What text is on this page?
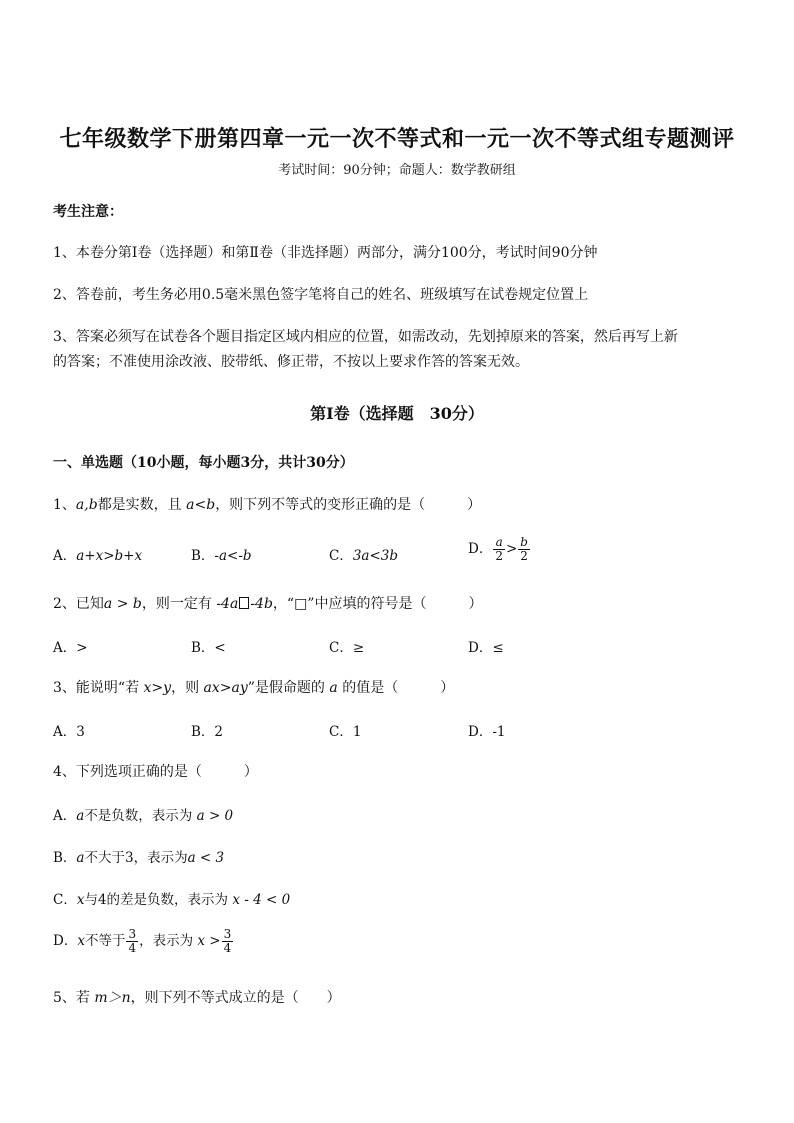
七年级数学下册第四章一元一次不等式和一元一次不等式组专题测评
考试时间：90分钟；命题人：数学教研组
考生注意：
1、本卷分第Ⅰ卷（选择题）和第Ⅱ卷（非选择题）两部分，满分100分，考试时间90分钟
2、答卷前，考生务必用0.5毫米黑色签字笔将自己的姓名、班级填写在试卷规定位置上
3、答案必须写在试卷各个题目指定区域内相应的位置，如需改动，先划掉原来的答案，然后再写上新
的答案；不准使用涂改液、胶带纸、修正带，不按以上要求作答的答案无效。
第Ⅰ卷（选择题　30分）
一、单选题（10小题，每小题3分，共计30分）
1、a,b都是实数，且 a<b，则下列不等式的变形正确的是（　　　）
A．a+x>b+x	B．-a<-b	C．3a<3b	D． $\frac{a}{2} > \frac{b}{2}$
2、已知a > b，则一定有 -4a -4b，“□”中应填的符号是（　　　）
A．>	B．<	C．≥	D．≤
3、能说明“若 x>y，则 ax>ay”是假命题的 a 的值是（　　　）
A．3	B．2	C．1	D．-1
4、下列选项正确的是（　　　）
A．a不是负数，表示为 a > 0
B．a不大于3，表示为a < 3
C．x与4的差是负数，表示为 x - 4 < 0
D．x不等于 $\frac{3}{4}$ ，表示为 $x > \frac{3}{4}$
5、若 m＞n，则下列不等式成立的是（　　）
